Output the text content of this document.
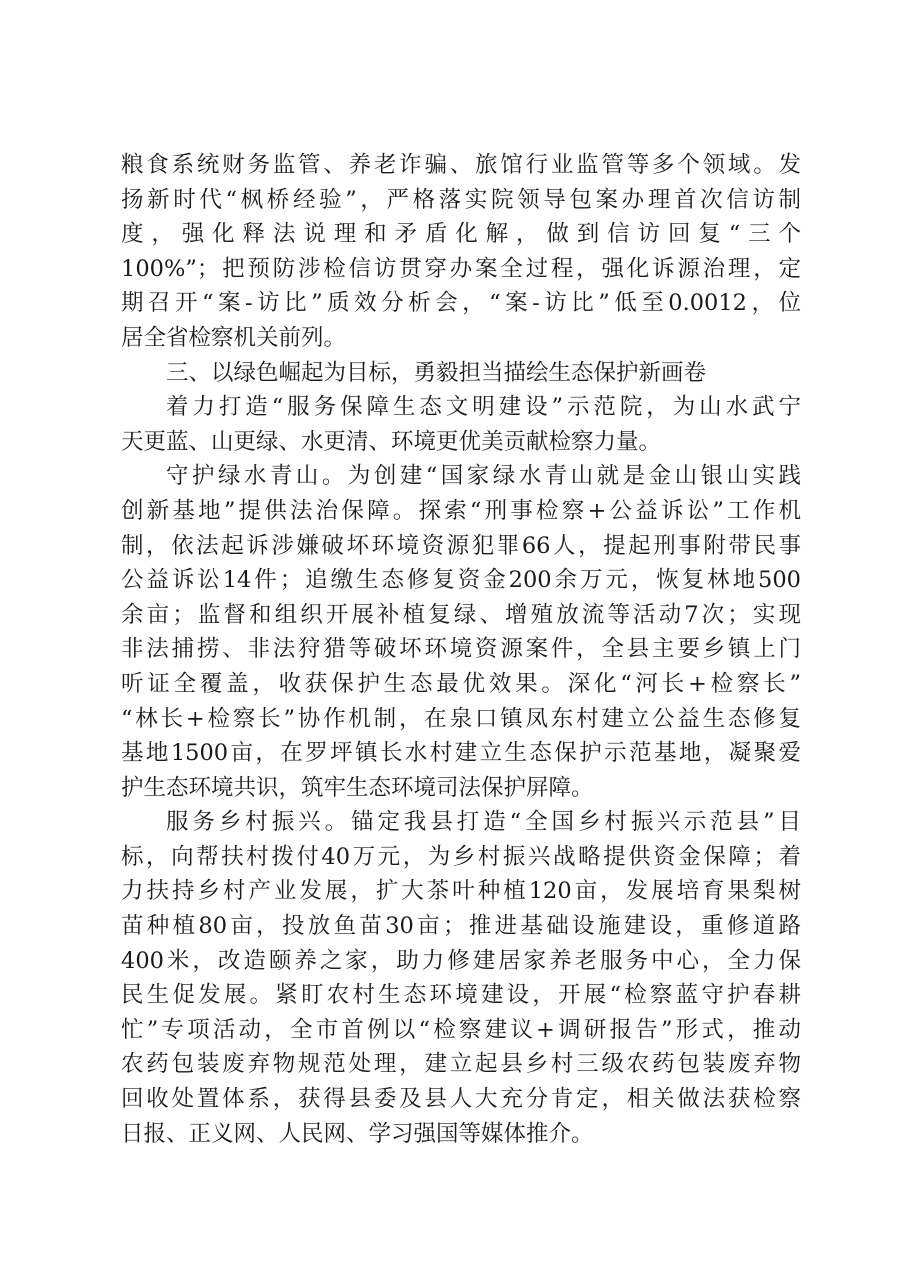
粮食系统财务监管、养老诈骗、旅馆行业监管等多个领域。发
扬新时代“枫桥经验”，严格落实院领导包案办理首次信访制
度，强化释法说理和矛盾化解，做到信访回复“三个
100%”；把预防涉检信访贯穿办案全过程，强化诉源治理，定
期召开“案-访比”质效分析会，“案-访比”低至0.0012，位
居全省检察机关前列。
三、以绿色崛起为目标，勇毅担当描绘生态保护新画卷
着力打造“服务保障生态文明建设”示范院，为山水武宁
天更蓝、山更绿、水更清、环境更优美贡献检察力量。
守护绿水青山。为创建“国家绿水青山就是金山银山实践
创新基地”提供法治保障。探索“刑事检察+公益诉讼”工作机
制，依法起诉涉嫌破坏环境资源犯罪66人，提起刑事附带民事
公益诉讼14件；追缴生态修复资金200余万元，恢复林地500
余亩；监督和组织开展补植复绿、增殖放流等活动7次；实现
非法捕捞、非法狩猎等破坏环境资源案件，全县主要乡镇上门
听证全覆盖，收获保护生态最优效果。深化“河长+检察长”
“林长+检察长”协作机制，在泉口镇凤东村建立公益生态修复
基地1500亩，在罗坪镇长水村建立生态保护示范基地，凝聚爱
护生态环境共识，筑牢生态环境司法保护屏障。
服务乡村振兴。锚定我县打造“全国乡村振兴示范县”目
标，向帮扶村拨付40万元，为乡村振兴战略提供资金保障；着
力扶持乡村产业发展，扩大茶叶种植120亩，发展培育果梨树
苗种植80亩，投放鱼苗30亩；推进基础设施建设，重修道路
400米，改造颐养之家，助力修建居家养老服务中心，全力保
民生促发展。紧盯农村生态环境建设，开展“检察蓝守护春耕
忙”专项活动，全市首例以“检察建议+调研报告”形式，推动
农药包装废弃物规范处理，建立起县乡村三级农药包装废弃物
回收处置体系，获得县委及县人大充分肯定，相关做法获检察
日报、正义网、人民网、学习强国等媒体推介。
